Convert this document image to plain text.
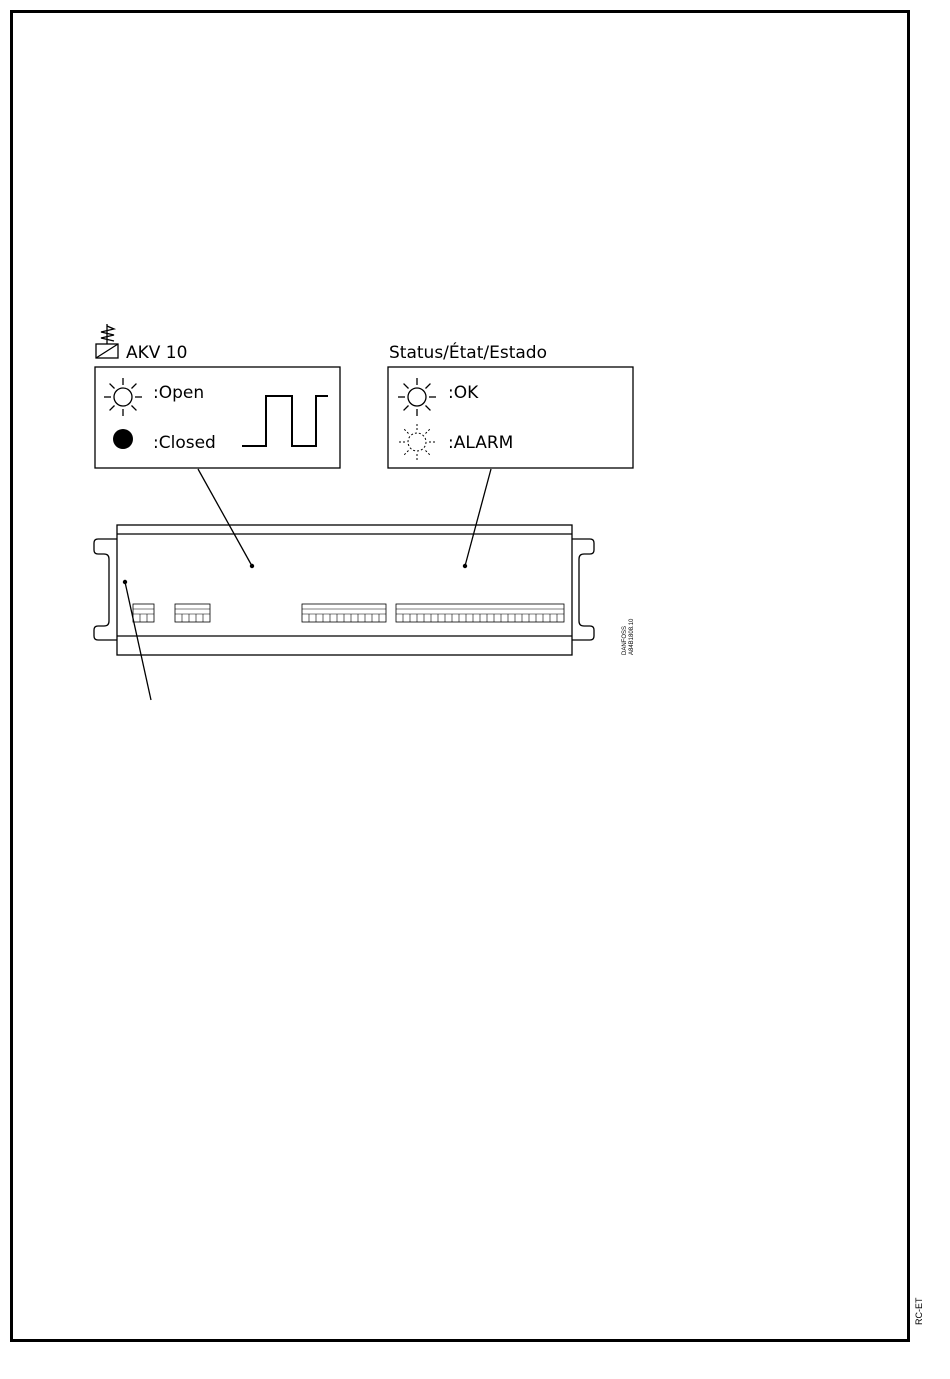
AKV 10
:Open
:Closed
Status/État/Estado
:OK
:ALARM
DANFOSS A84B1808.10
RC-ET
